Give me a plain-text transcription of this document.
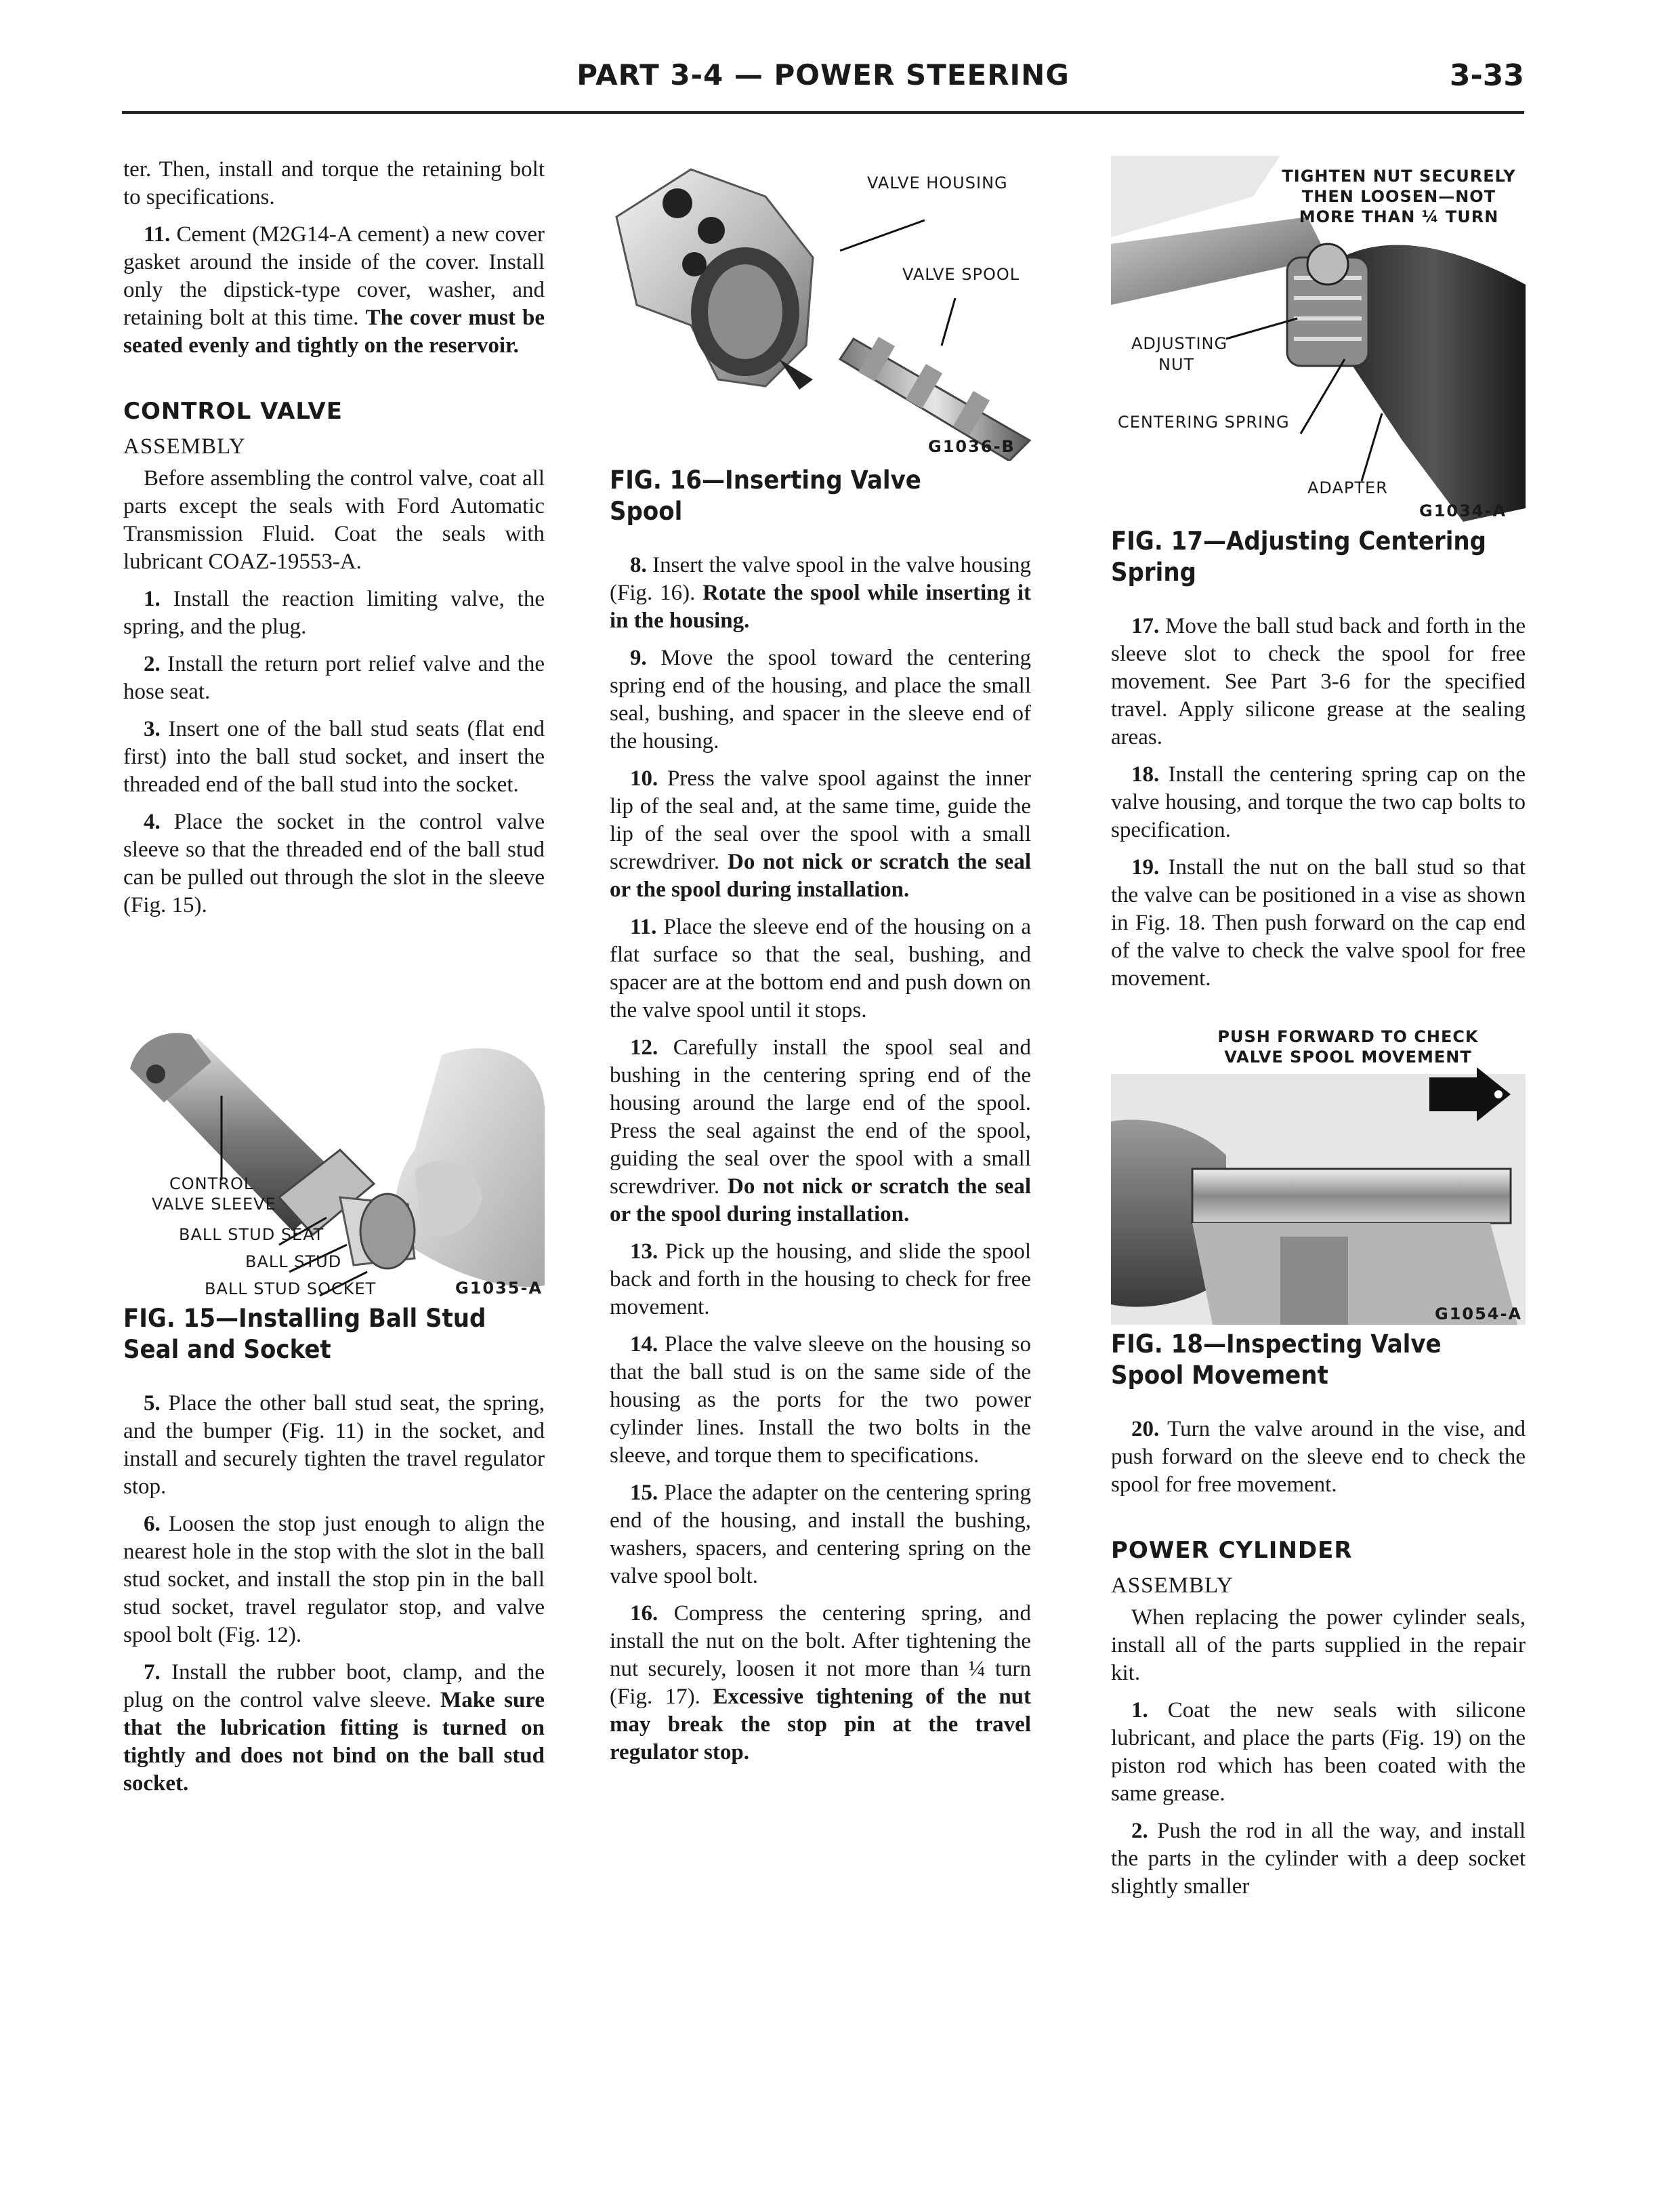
PART 3-4 — POWER STEERING	3-33

ter. Then, install and torque the retaining bolt to specifications.

11. Cement (M2G14-A cement) a new cover gasket around the inside of the cover. Install only the dipstick-type cover, washer, and retaining bolt at this time. The cover must be seated evenly and tightly on the reservoir.

CONTROL VALVE
ASSEMBLY

Before assembling the control valve, coat all parts except the seals with Ford Automatic Transmission Fluid. Coat the seals with lubricant COAZ-19553-A.

1. Install the reaction limiting valve, the spring, and the plug.

2. Install the return port relief valve and the hose seat.

3. Insert one of the ball stud seats (flat end first) into the ball stud socket, and insert the threaded end of the ball stud into the socket.

4. Place the socket in the control valve sleeve so that the threaded end of the ball stud can be pulled out through the slot in the sleeve (Fig. 15).

CONTROL
VALVE SLEEVE
BALL STUD SEAT
BALL STUD
BALL STUD SOCKET	G1035-A
FIG. 15—Installing Ball Stud Seal and Socket

5. Place the other ball stud seat, the spring, and the bumper (Fig. 11) in the socket, and install and securely tighten the travel regulator stop.

6. Loosen the stop just enough to align the nearest hole in the stop with the slot in the ball stud socket, and install the stop pin in the ball stud socket, travel regulator stop, and valve spool bolt (Fig. 12).

7. Install the rubber boot, clamp, and the plug on the control valve sleeve. Make sure that the lubrication fitting is turned on tightly and does not bind on the ball stud socket.

VALVE HOUSING
VALVE SPOOL
G1036-B
FIG. 16—Inserting Valve Spool

8. Insert the valve spool in the valve housing (Fig. 16). Rotate the spool while inserting it in the housing.

9. Move the spool toward the centering spring end of the housing, and place the small seal, bushing, and spacer in the sleeve end of the housing.

10. Press the valve spool against the inner lip of the seal and, at the same time, guide the lip of the seal over the spool with a small screwdriver. Do not nick or scratch the seal or the spool during installation.

11. Place the sleeve end of the housing on a flat surface so that the seal, bushing, and spacer are at the bottom end and push down on the valve spool until it stops.

12. Carefully install the spool seal and bushing in the centering spring end of the housing around the large end of the spool. Press the seal against the end of the spool, guiding the seal over the spool with a small screwdriver. Do not nick or scratch the seal or the spool during installation.

13. Pick up the housing, and slide the spool back and forth in the housing to check for free movement.

14. Place the valve sleeve on the housing so that the ball stud is on the same side of the housing as the ports for the two power cylinder lines. Install the two bolts in the sleeve, and torque them to specifications.

15. Place the adapter on the centering spring end of the housing, and install the bushing, washers, spacers, and centering spring on the valve spool bolt.

16. Compress the centering spring, and install the nut on the bolt. After tightening the nut securely, loosen it not more than ¼ turn (Fig. 17). Excessive tightening of the nut may break the stop pin at the travel regulator stop.

TIGHTEN NUT SECURELY
THEN LOOSEN—NOT
MORE THAN ¼ TURN
ADJUSTING
NUT
CENTERING SPRING
ADAPTER
G1034-A
FIG. 17—Adjusting Centering Spring

17. Move the ball stud back and forth in the sleeve slot to check the spool for free movement. See Part 3-6 for the specified travel. Apply silicone grease at the sealing areas.

18. Install the centering spring cap on the valve housing, and torque the two cap bolts to specification.

19. Install the nut on the ball stud so that the valve can be positioned in a vise as shown in Fig. 18. Then push forward on the cap end of the valve to check the valve spool for free movement.

PUSH FORWARD TO CHECK
VALVE SPOOL MOVEMENT
G1054-A
FIG. 18—Inspecting Valve Spool Movement

20. Turn the valve around in the vise, and push forward on the sleeve end to check the spool for free movement.

POWER CYLINDER
ASSEMBLY

When replacing the power cylinder seals, install all of the parts supplied in the repair kit.

1. Coat the new seals with silicone lubricant, and place the parts (Fig. 19) on the piston rod which has been coated with the same grease.

2. Push the rod in all the way, and install the parts in the cylinder with a deep socket slightly smaller
